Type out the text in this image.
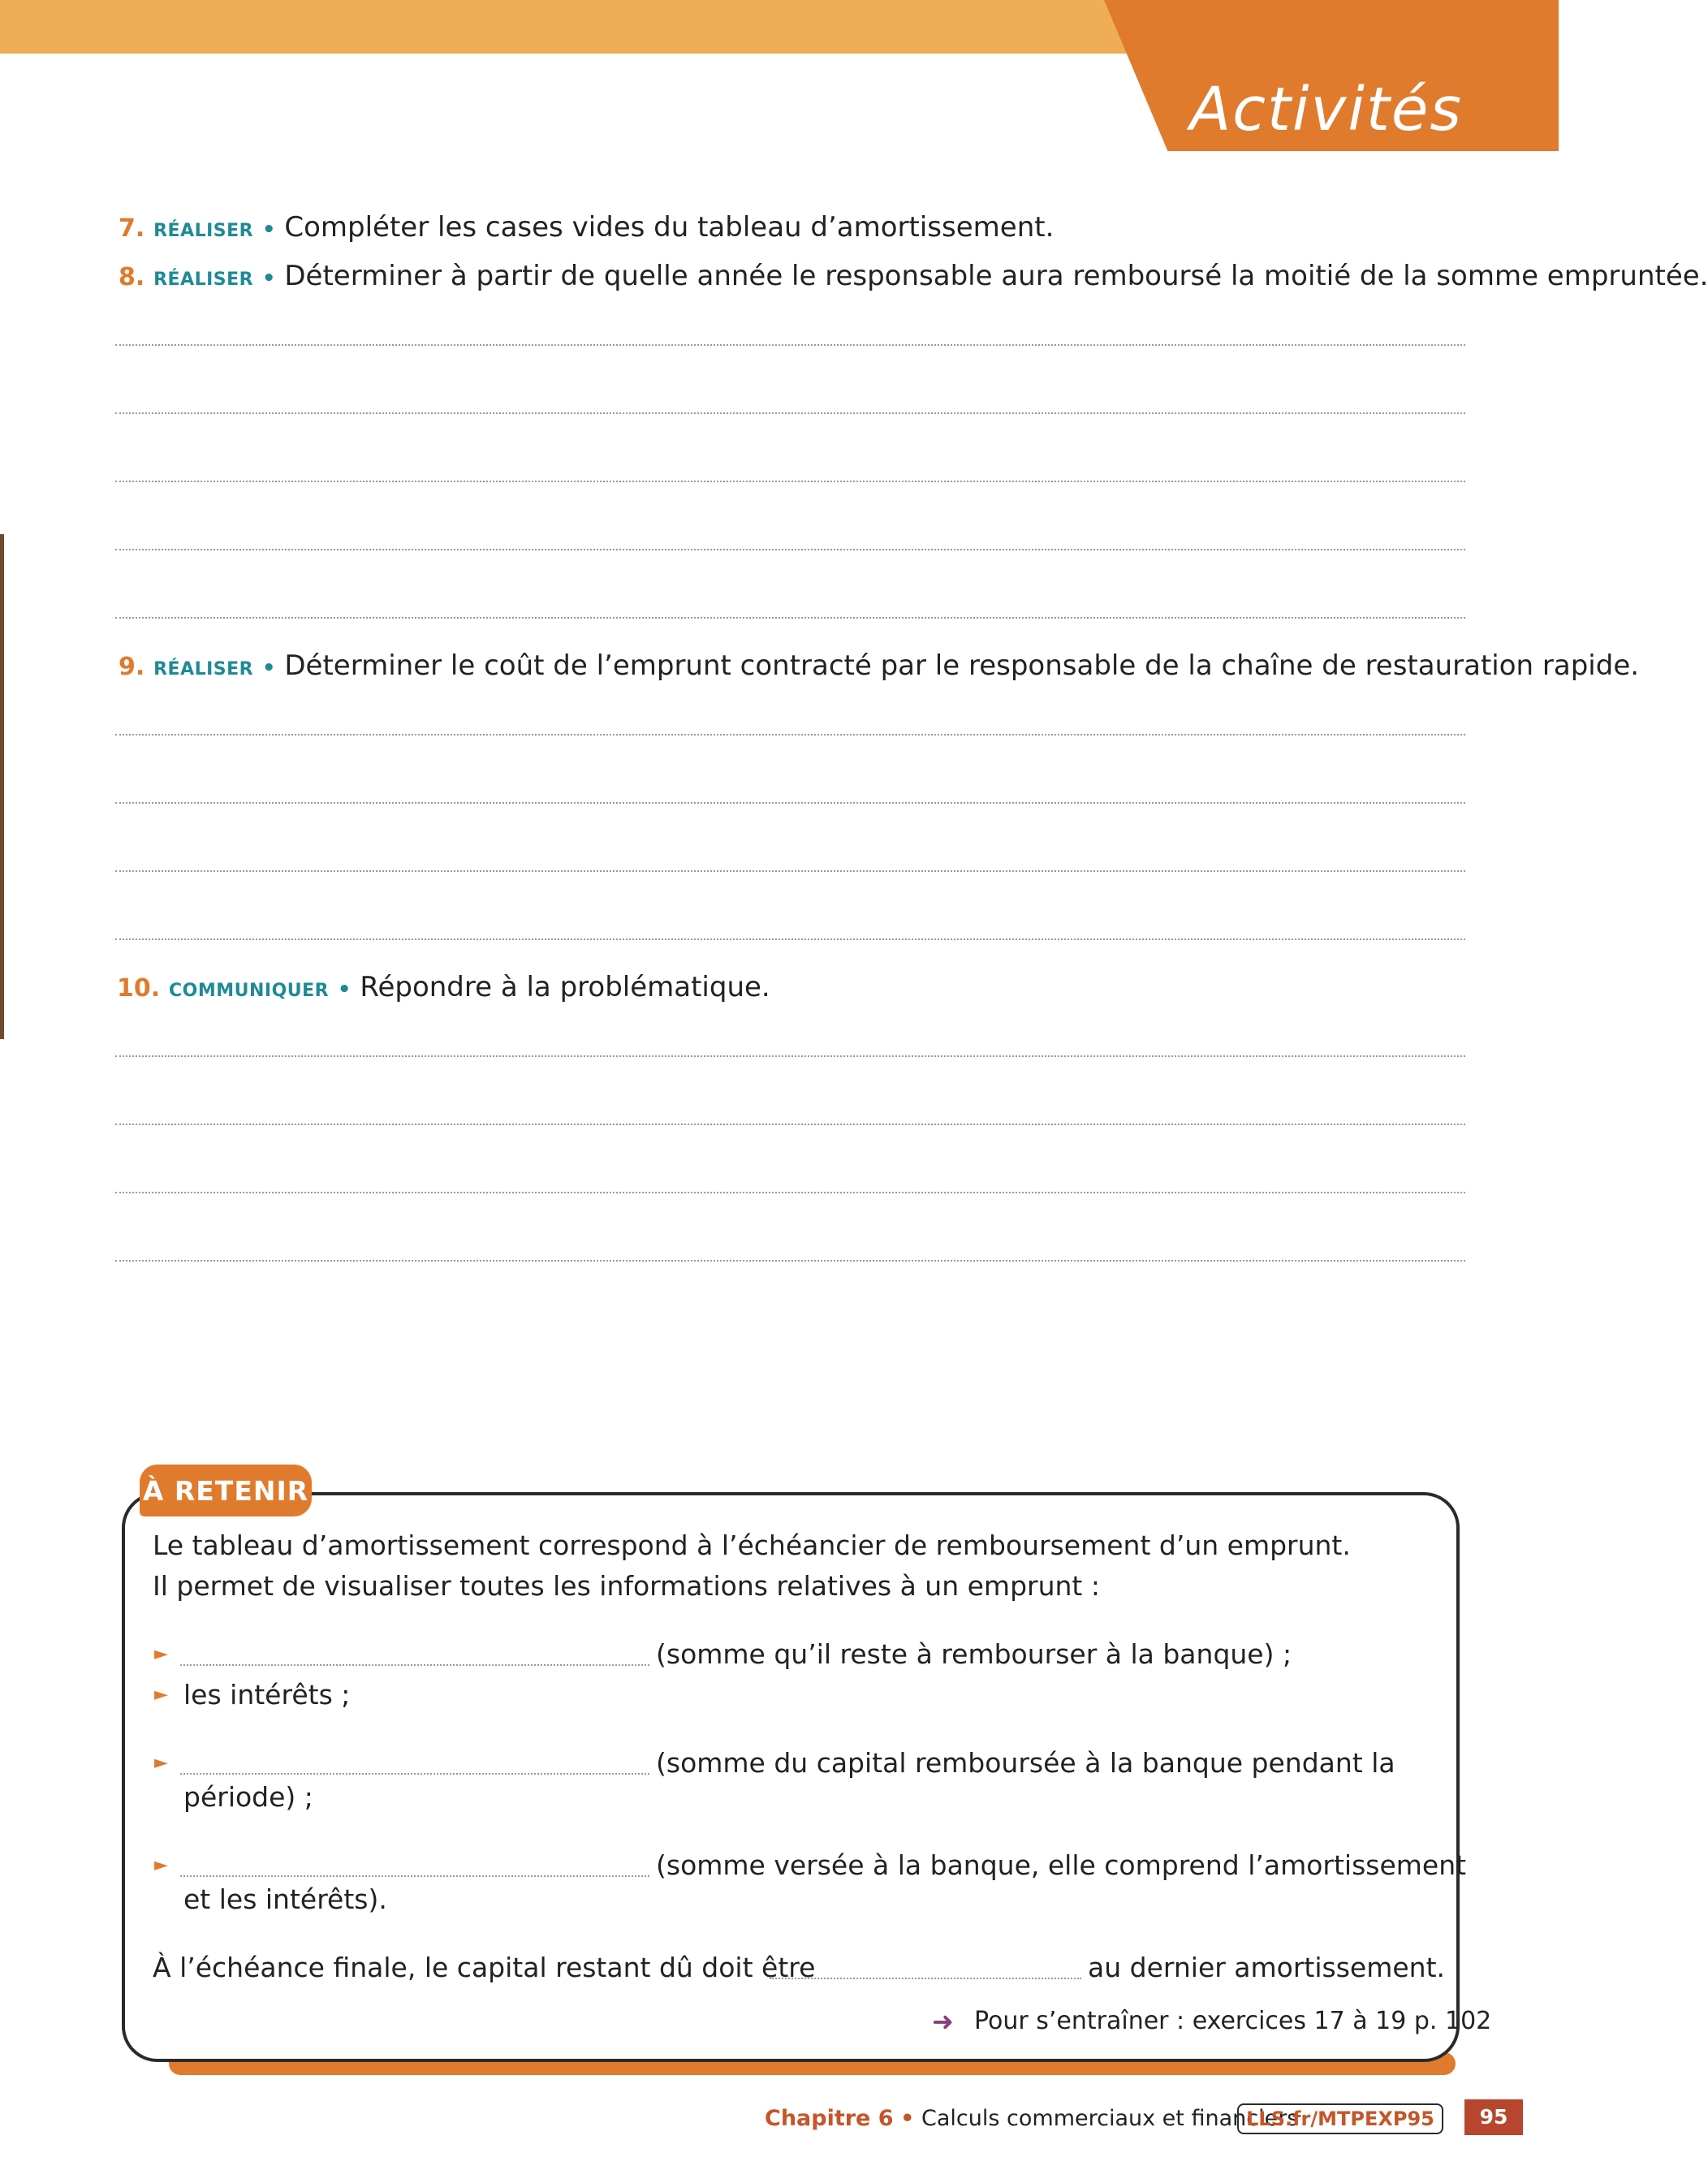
Activités
7. RÉALISER • Compléter les cases vides du tableau d’amortissement.
8. RÉALISER • Déterminer à partir de quelle année le responsable aura remboursé la moitié de la somme empruntée.
9. RÉALISER • Déterminer le coût de l’emprunt contracté par le responsable de la chaîne de restauration rapide.
10. COMMUNIQUER • Répondre à la problématique.
À RETENIR
Le tableau d’amortissement correspond à l’échéancier de remboursement d’un emprunt.
Il permet de visualiser toutes les informations relatives à un emprunt :
►	(somme qu’il reste à rembourser à la banque) ;
► les intérêts ;
►	(somme du capital remboursée à la banque pendant la
période) ;
►	(somme versée à la banque, elle comprend l’amortissement
et les intérêts).
À l’échéance finale, le capital restant dû doit être	au dernier amortissement.
➜ Pour s’entraîner : exercices 17 à 19 p. 102
Chapitre 6 • Calculs commerciaux et financiers
LLS.fr/MTPEXP95	95
